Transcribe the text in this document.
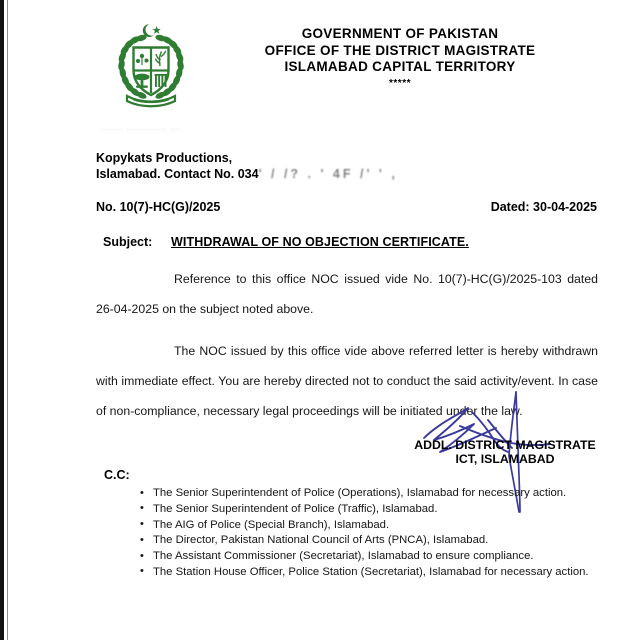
GOVERNMENT OF PAKISTAN
OFFICE OF THE DISTRICT MAGISTRATE
ISLAMABAD CAPITAL TERRITORY
*****
........ .............. ....
Kopykats Productions,
Islamabad. Contact No. 034' / /? . ' 4F /' ' ,
No. 10(7)-HC(G)/2025	Dated: 30-04-2025
Subject: WITHDRAWAL OF NO OBJECTION CERTIFICATE.

Reference to this office NOC issued vide No. 10(7)-HC(G)/2025-103 dated 26-04-2025 on the subject noted above.

The NOC issued by this office vide above referred letter is hereby withdrawn with immediate effect. You are hereby directed not to conduct the said activity/event. In case of non-compliance, necessary legal proceedings will be initiated under the law.

ADDL. DISTRICT MAGISTRATE
ICT, ISLAMABAD
C.C:
• The Senior Superintendent of Police (Operations), Islamabad for necessary action.
• The Senior Superintendent of Police (Traffic), Islamabad.
• The AIG of Police (Special Branch), Islamabad.
• The Director, Pakistan National Council of Arts (PNCA), Islamabad.
• The Assistant Commissioner (Secretariat), Islamabad to ensure compliance.
• The Station House Officer, Police Station (Secretariat), Islamabad for necessary action.
